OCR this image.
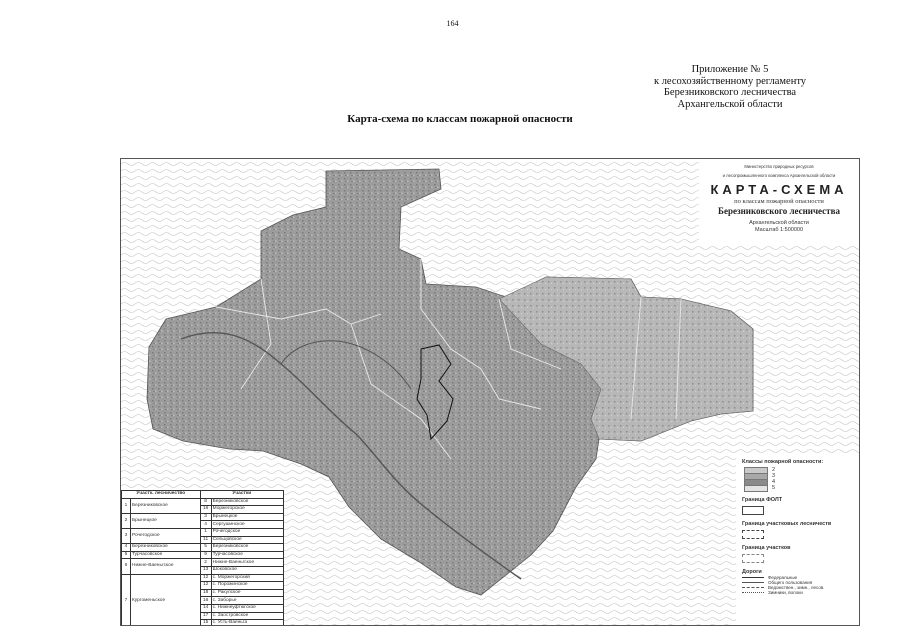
164
Приложение № 5
к лесохозяйственному регламенту
Березниковского лесничества
Архангельской области
Карта-схема по классам пожарной опасности
Министерство природных ресурсов
и лесопромышленного комплекса Архангельской области
КАРТА-СХЕМА
по классам пожарной опасности
Березниковского лесничества
Архангельской области
Масштаб 1:500000
Классы пожарной опасности:
2
3
4
5
Граница ФОЛТ
Граница участковых лесничеств
Граница участков
Дороги
Федеральные
Общего пользования
Ведомствен., зимн., лесов.
Зимники, волоки
Участк. лесничество		Участки	
1	Березниковское	8	Березниковское
		16	Моржегорское
2	Брынецкое	3	Брынецкое
		4	Сергушинское
3	Рочегодское	1	Рочегодское
		11	Сельцовское
4	Березниковское	5	Березниковское
5	Турчасовское	9	Турчасовское
6	Нижне-Ваеньгское	2	Нижне-Ваеньгское
		13	Шоковское
7	Кургоменьское	12	с. Моржегорский
		12	с. Порожинское
		18	с. Ракулское
		16	с. Заборье
		14	с. Нижнеуфтюгское
		17	с. Заостровское
		15	с. Усть-Ваеньга
